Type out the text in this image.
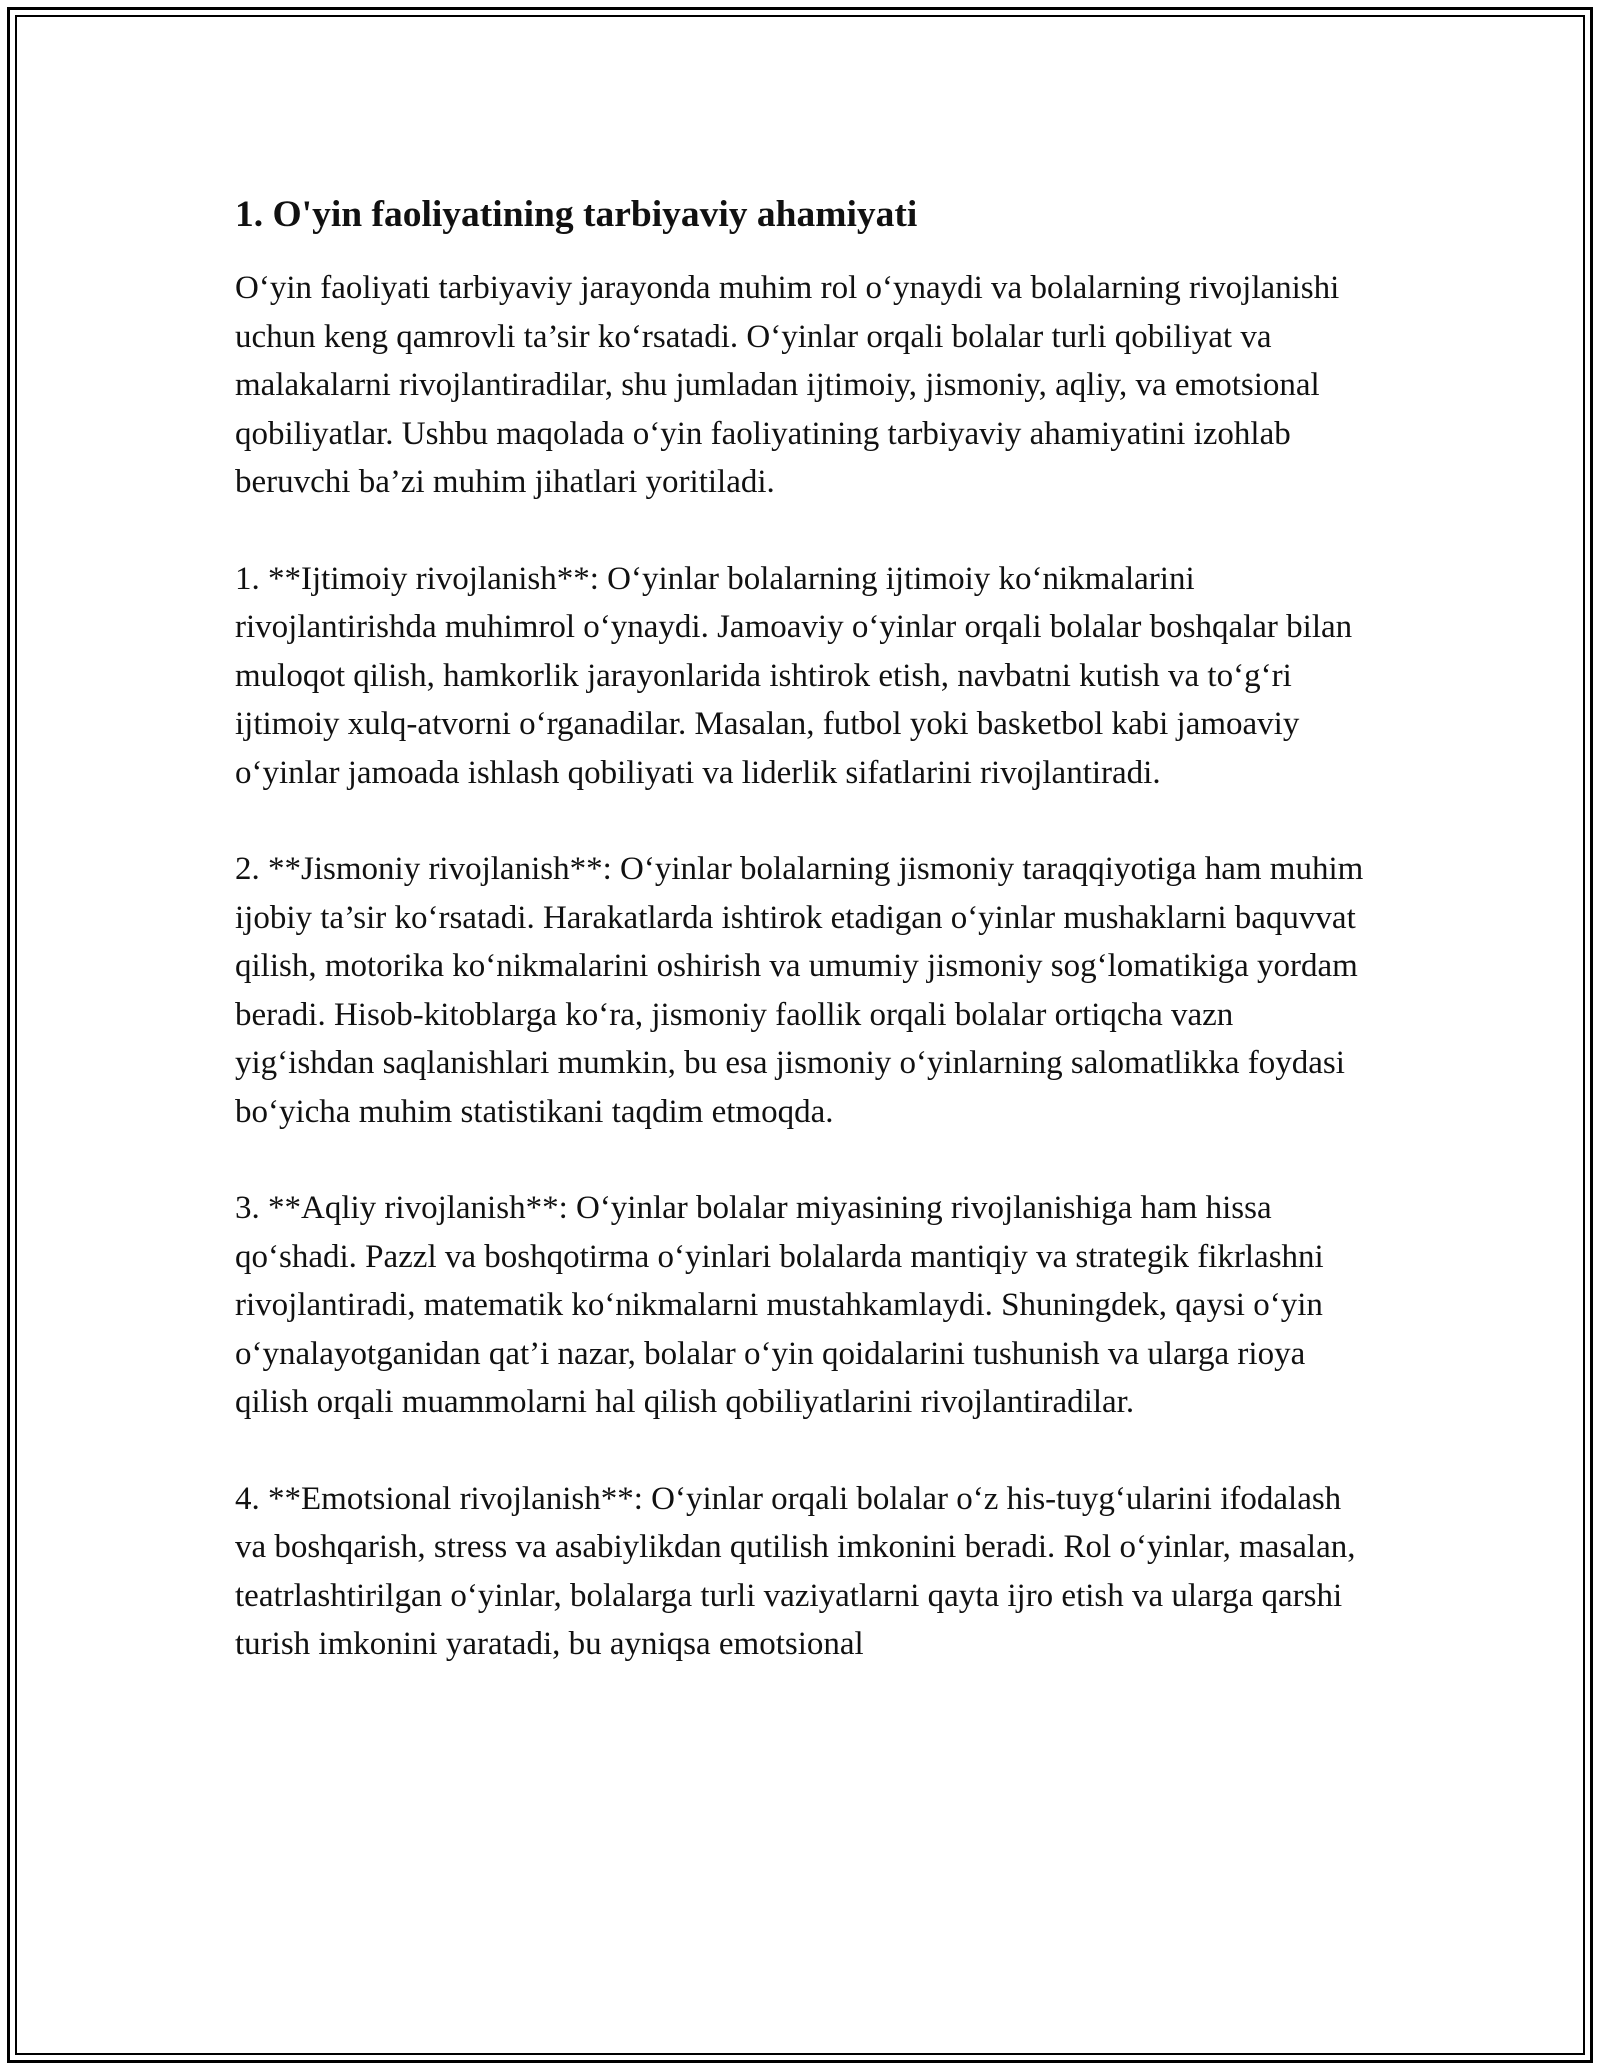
1. O'yin faoliyatining tarbiyaviy ahamiyati

O‘yin faoliyati tarbiyaviy jarayonda muhim rol o‘ynaydi va bolalarning rivojlanishi uchun keng qamrovli ta’sir ko‘rsatadi. O‘yinlar orqali bolalar turli qobiliyat va malakalarni rivojlantiradilar, shu jumladan ijtimoiy, jismoniy, aqliy, va emotsional qobiliyatlar. Ushbu maqolada o‘yin faoliyatining tarbiyaviy ahamiyatini izohlab beruvchi ba’zi muhim jihatlari yoritiladi.

1. **Ijtimoiy rivojlanish**: O‘yinlar bolalarning ijtimoiy ko‘nikmalarini rivojlantirishda muhimrol o‘ynaydi. Jamoaviy o‘yinlar orqali bolalar boshqalar bilan muloqot qilish, hamkorlik jarayonlarida ishtirok etish, navbatni kutish va to‘g‘ri ijtimoiy xulq-atvorni o‘rganadilar. Masalan, futbol yoki basketbol kabi jamoaviy o‘yinlar jamoada ishlash qobiliyati va liderlik sifatlarini rivojlantiradi.

2. **Jismoniy rivojlanish**: O‘yinlar bolalarning jismoniy taraqqiyotiga ham muhim ijobiy ta’sir ko‘rsatadi. Harakatlarda ishtirok etadigan o‘yinlar mushaklarni baquvvat qilish, motorika ko‘nikmalarini oshirish va umumiy jismoniy sog‘lomatikiga yordam beradi. Hisob-kitoblarga ko‘ra, jismoniy faollik orqali bolalar ortiqcha vazn yig‘ishdan saqlanishlari mumkin, bu esa jismoniy o‘yinlarning salomatlikka foydasi bo‘yicha muhim statistikani taqdim etmoqda.

3. **Aqliy rivojlanish**: O‘yinlar bolalar miyasining rivojlanishiga ham hissa qo‘shadi. Pazzl va boshqotirma o‘yinlari bolalarda mantiqiy va strategik fikrlashni rivojlantiradi, matematik ko‘nikmalarni mustahkamlaydi. Shuningdek, qaysi o‘yin o‘ynalayotganidan qat’i nazar, bolalar o‘yin qoidalarini tushunish va ularga rioya qilish orqali muammolarni hal qilish qobiliyatlarini rivojlantiradilar.

4. **Emotsional rivojlanish**: O‘yinlar orqali bolalar o‘z his-tuyg‘ularini ifodalash va boshqarish, stress va asabiylikdan qutilish imkonini beradi. Rol o‘yinlar, masalan, teatrlashtirilgan o‘yinlar, bolalarga turli vaziyatlarni qayta ijro etish va ularga qarshi turish imkonini yaratadi, bu ayniqsa emotsional
